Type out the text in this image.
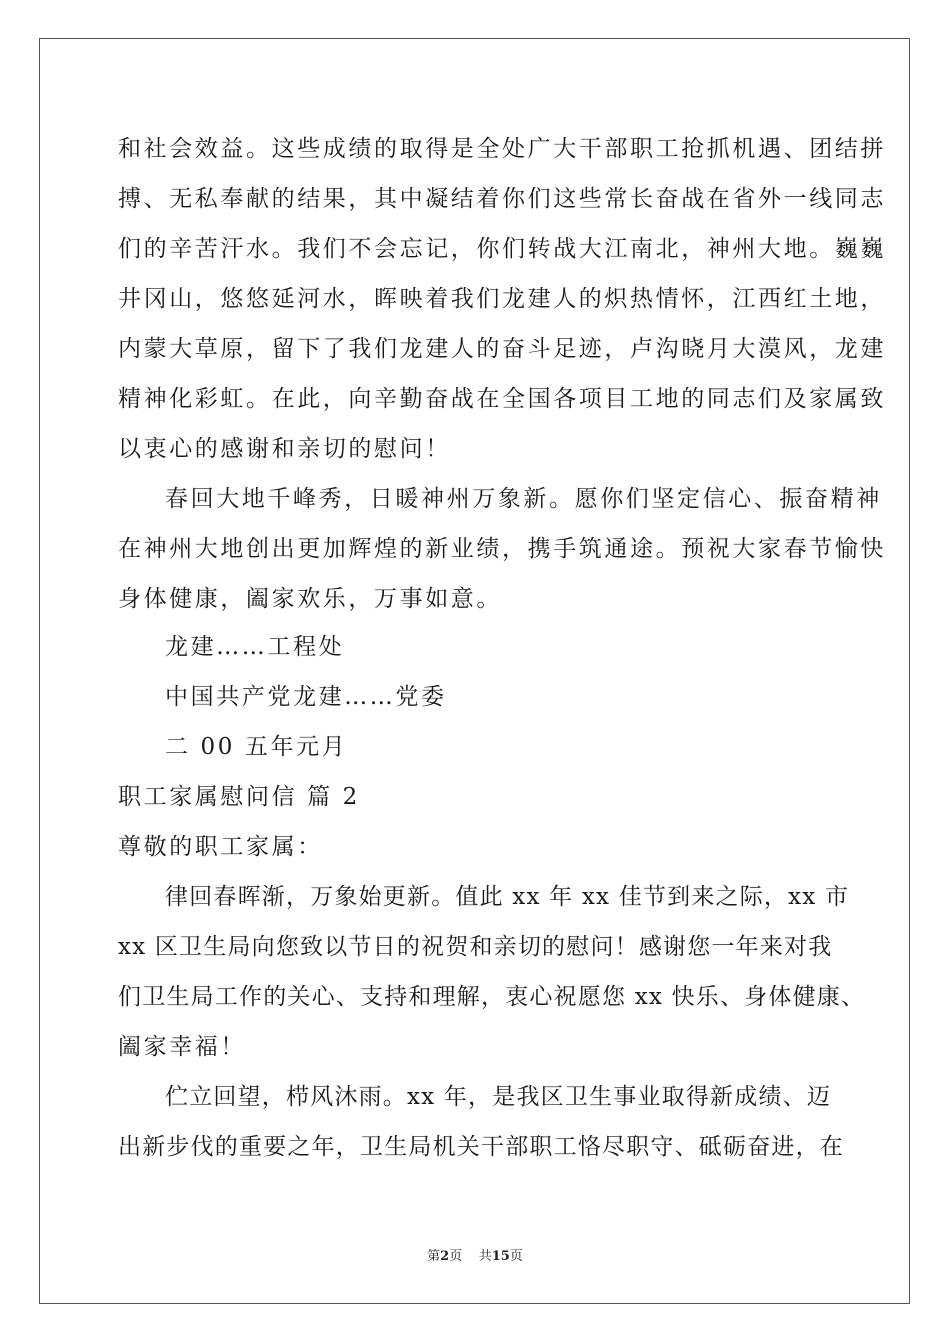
和社会效益。这些成绩的取得是全处广大干部职工抢抓机遇、团结拼
搏、无私奉献的结果，其中凝结着你们这些常长奋战在省外一线同志
们的辛苦汗水。我们不会忘记，你们转战大江南北，神州大地。巍巍
井冈山，悠悠延河水，晖映着我们龙建人的炽热情怀，江西红土地，
内蒙大草原，留下了我们龙建人的奋斗足迹，卢沟晓月大漠风，龙建
精神化彩虹。在此，向辛勤奋战在全国各项目工地的同志们及家属致
以衷心的感谢和亲切的慰问！
春回大地千峰秀，日暖神州万象新。愿你们坚定信心、振奋精神
在神州大地创出更加辉煌的新业绩，携手筑通途。预祝大家春节愉快
身体健康，阖家欢乐，万事如意。
龙建……工程处
中国共产党龙建……党委
二 00 五年元月
职工家属慰问信 篇 2
尊敬的职工家属：
律回春晖渐，万象始更新。值此 xx 年 xx 佳节到来之际，xx 市
xx 区卫生局向您致以节日的祝贺和亲切的慰问！感谢您一年来对我
们卫生局工作的关心、支持和理解，衷心祝愿您 xx 快乐、身体健康、
阖家幸福！
伫立回望，栉风沐雨。xx 年，是我区卫生事业取得新成绩、迈
出新步伐的重要之年，卫生局机关干部职工恪尽职守、砥砺奋进，在
第2页 共15页
